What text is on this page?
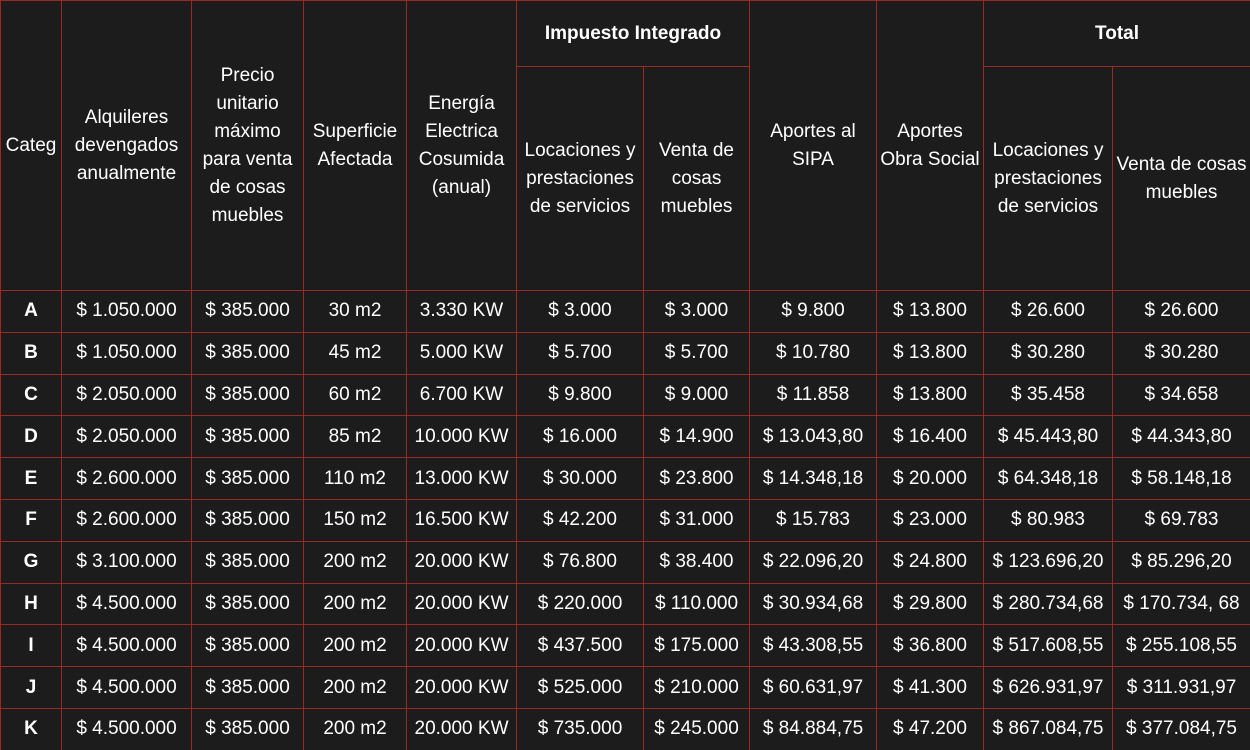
Categ	Alquileres devengados anualmente	Precio unitario máximo para venta de cosas muebles	Superficie Afectada	Energía Electrica Cosumida (anual)	Impuesto Integrado		Aportes al SIPA	Aportes Obra Social	Total	
					Locaciones y prestaciones de servicios	Venta de cosas muebles			Locaciones y prestaciones de servicios	Venta de cosas muebles
A	$ 1.050.000	$ 385.000	30 m2	3.330 KW	$ 3.000	$ 3.000	$ 9.800	$ 13.800	$ 26.600	$ 26.600
B	$ 1.050.000	$ 385.000	45 m2	5.000 KW	$ 5.700	$ 5.700	$ 10.780	$ 13.800	$ 30.280	$ 30.280
C	$ 2.050.000	$ 385.000	60 m2	6.700 KW	$ 9.800	$ 9.000	$ 11.858	$ 13.800	$ 35.458	$ 34.658
D	$ 2.050.000	$ 385.000	85 m2	10.000 KW	$ 16.000	$ 14.900	$ 13.043,80	$ 16.400	$ 45.443,80	$ 44.343,80
E	$ 2.600.000	$ 385.000	110 m2	13.000 KW	$ 30.000	$ 23.800	$ 14.348,18	$ 20.000	$ 64.348,18	$ 58.148,18
F	$ 2.600.000	$ 385.000	150 m2	16.500 KW	$ 42.200	$ 31.000	$ 15.783	$ 23.000	$ 80.983	$ 69.783
G	$ 3.100.000	$ 385.000	200 m2	20.000 KW	$ 76.800	$ 38.400	$ 22.096,20	$ 24.800	$ 123.696,20	$ 85.296,20
H	$ 4.500.000	$ 385.000	200 m2	20.000 KW	$ 220.000	$ 110.000	$ 30.934,68	$ 29.800	$ 280.734,68	$ 170.734, 68
I	$ 4.500.000	$ 385.000	200 m2	20.000 KW	$ 437.500	$ 175.000	$ 43.308,55	$ 36.800	$ 517.608,55	$ 255.108,55
J	$ 4.500.000	$ 385.000	200 m2	20.000 KW	$ 525.000	$ 210.000	$ 60.631,97	$ 41.300	$ 626.931,97	$ 311.931,97
K	$ 4.500.000	$ 385.000	200 m2	20.000 KW	$ 735.000	$ 245.000	$ 84.884,75	$ 47.200	$ 867.084,75	$ 377.084,75
